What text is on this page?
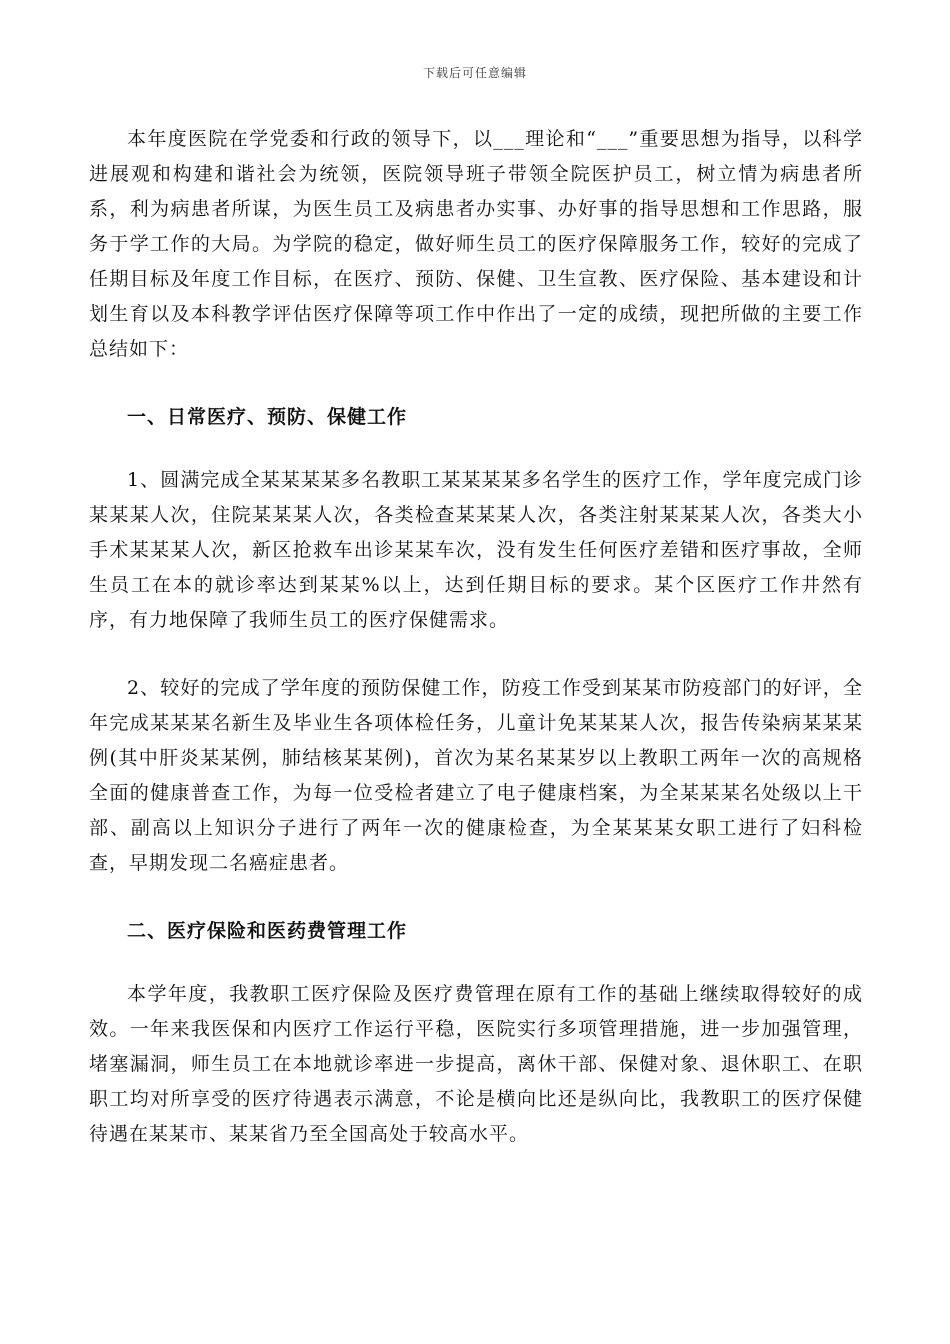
下载后可任意编辑

本年度医院在学党委和行政的领导下，以___理论和“___”重要思想为指导，以科学进展观和构建和谐社会为统领，医院领导班子带领全院医护员工，树立情为病患者所系，利为病患者所谋，为医生员工及病患者办实事、办好事的指导思想和工作思路，服务于学工作的大局。为学院的稳定，做好师生员工的医疗保障服务工作，较好的完成了任期目标及年度工作目标，在医疗、预防、保健、卫生宣教、医疗保险、基本建设和计划生育以及本科教学评估医疗保障等项工作中作出了一定的成绩，现把所做的主要工作总结如下：

一、日常医疗、预防、保健工作

1、圆满完成全某某某某多名教职工某某某某多名学生的医疗工作，学年度完成门诊某某某人次，住院某某某人次，各类检查某某某人次，各类注射某某某人次，各类大小手术某某某人次，新区抢救车出诊某某车次，没有发生任何医疗差错和医疗事故，全师生员工在本的就诊率达到某某%以上，达到任期目标的要求。某个区医疗工作井然有序，有力地保障了我师生员工的医疗保健需求。

2、较好的完成了学年度的预防保健工作，防疫工作受到某某市防疫部门的好评，全年完成某某某名新生及毕业生各项体检任务，儿童计免某某某人次，报告传染病某某某例(其中肝炎某某例，肺结核某某例)，首次为某名某某岁以上教职工两年一次的高规格全面的健康普查工作，为每一位受检者建立了电子健康档案，为全某某某名处级以上干部、副高以上知识分子进行了两年一次的健康检查，为全某某某女职工进行了妇科检查，早期发现二名癌症患者。

二、医疗保险和医药费管理工作

本学年度，我教职工医疗保险及医疗费管理在原有工作的基础上继续取得较好的成效。一年来我医保和内医疗工作运行平稳，医院实行多项管理措施，进一步加强管理，堵塞漏洞，师生员工在本地就诊率进一步提高，离休干部、保健对象、退休职工、在职职工均对所享受的医疗待遇表示满意，不论是横向比还是纵向比，我教职工的医疗保健待遇在某某市、某某省乃至全国高处于较高水平。
